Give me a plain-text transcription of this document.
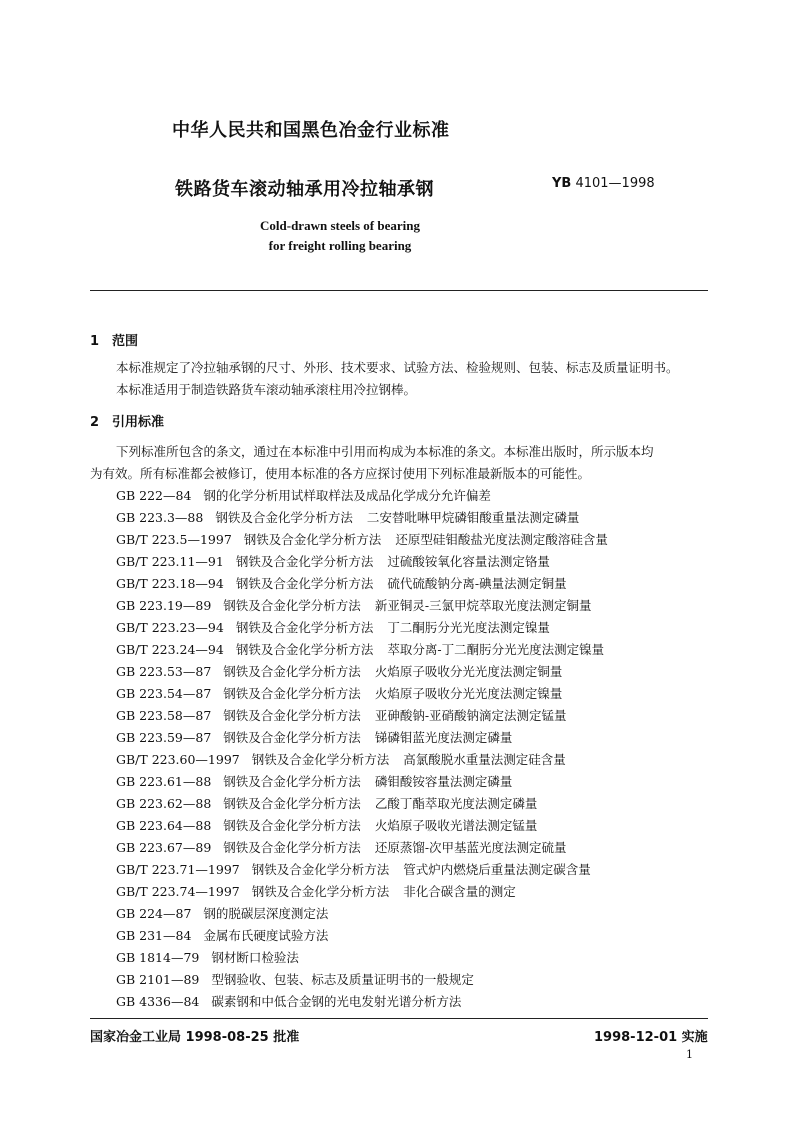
中华人民共和国黑色冶金行业标准
铁路货车滚动轴承用冷拉轴承钢	YB 4101—1998
Cold-drawn steels of bearing
for freight rolling bearing
1 范围
本标准规定了冷拉轴承钢的尺寸、外形、技术要求、试验方法、检验规则、包装、标志及质量证明书。
本标准适用于制造铁路货车滚动轴承滚柱用冷拉钢棒。
2 引用标准
下列标准所包含的条文，通过在本标准中引用而构成为本标准的条文。本标准出版时，所示版本均
为有效。所有标准都会被修订，使用本标准的各方应探讨使用下列标准最新版本的可能性。
GB 222—84 钢的化学分析用试样取样法及成品化学成分允许偏差
GB 223.3—88 钢铁及合金化学分析方法 二安替吡啉甲烷磷钼酸重量法测定磷量
GB/T 223.5—1997 钢铁及合金化学分析方法 还原型硅钼酸盐光度法测定酸溶硅含量
GB/T 223.11—91 钢铁及合金化学分析方法 过硫酸铵氧化容量法测定铬量
GB/T 223.18—94 钢铁及合金化学分析方法 硫代硫酸钠分离-碘量法测定铜量
GB 223.19—89 钢铁及合金化学分析方法 新亚铜灵-三氯甲烷萃取光度法测定铜量
GB/T 223.23—94 钢铁及合金化学分析方法 丁二酮肟分光光度法测定镍量
GB/T 223.24—94 钢铁及合金化学分析方法 萃取分离-丁二酮肟分光光度法测定镍量
GB 223.53—87 钢铁及合金化学分析方法 火焰原子吸收分光光度法测定铜量
GB 223.54—87 钢铁及合金化学分析方法 火焰原子吸收分光光度法测定镍量
GB 223.58—87 钢铁及合金化学分析方法 亚砷酸钠-亚硝酸钠滴定法测定锰量
GB 223.59—87 钢铁及合金化学分析方法 锑磷钼蓝光度法测定磷量
GB/T 223.60—1997 钢铁及合金化学分析方法 高氯酸脱水重量法测定硅含量
GB 223.61—88 钢铁及合金化学分析方法 磷钼酸铵容量法测定磷量
GB 223.62—88 钢铁及合金化学分析方法 乙酸丁酯萃取光度法测定磷量
GB 223.64—88 钢铁及合金化学分析方法 火焰原子吸收光谱法测定锰量
GB 223.67—89 钢铁及合金化学分析方法 还原蒸馏-次甲基蓝光度法测定硫量
GB/T 223.71—1997 钢铁及合金化学分析方法 管式炉内燃烧后重量法测定碳含量
GB/T 223.74—1997 钢铁及合金化学分析方法 非化合碳含量的测定
GB 224—87 钢的脱碳层深度测定法
GB 231—84 金属布氏硬度试验方法
GB 1814—79 钢材断口检验法
GB 2101—89 型钢验收、包装、标志及质量证明书的一般规定
GB 4336—84 碳素钢和中低合金钢的光电发射光谱分析方法
国家冶金工业局 1998-08-25 批准	1998-12-01 实施
1
